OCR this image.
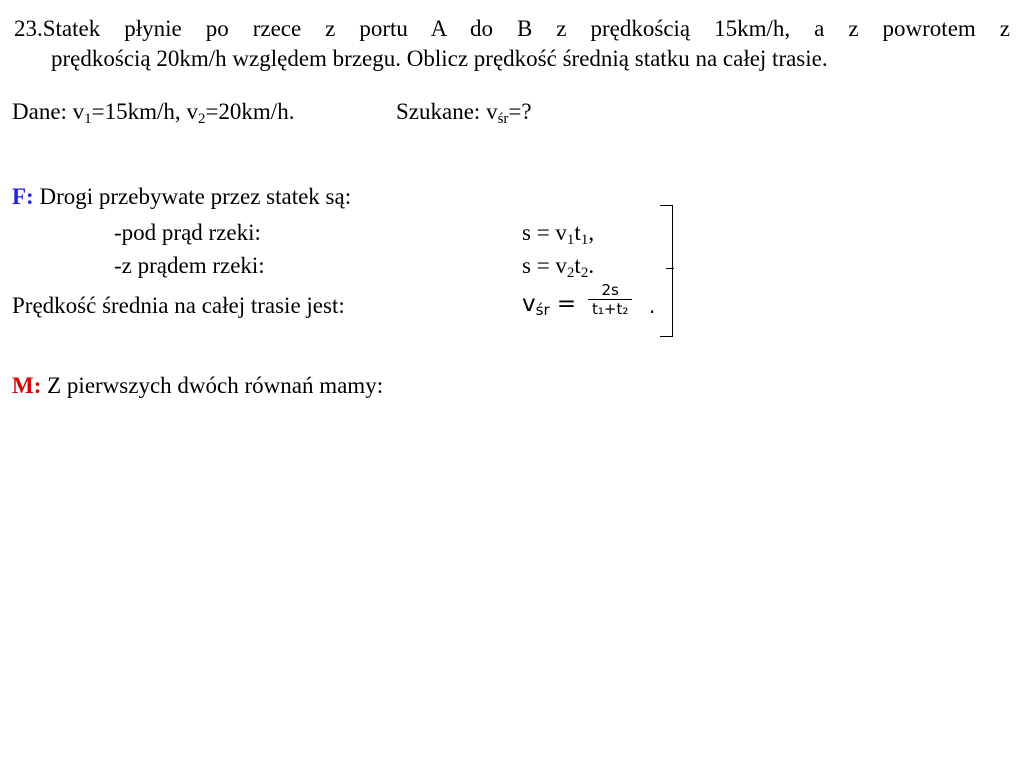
23.Statek płynie po rzece z portu A do B z prędkością 15km/h, a z powrotem z
prędkością 20km/h względem brzegu. Oblicz prędkość średnią statku na całej trasie.
Dane: $v_1=15km/h$, $v_2=20km/h$.	Szukane: $v_{śr}=$?
F: Drogi przebywate przez statek są:
-pod prąd rzeki:	$s = v_1t_1$,
-z prądem rzeki:	$s = v_2t_2$.
Prędkość średnia na całej trasie jest:	$v_{śr}$ =
2s
t₁+t₂ .
M: Z pierwszych dwóch równań mamy:
